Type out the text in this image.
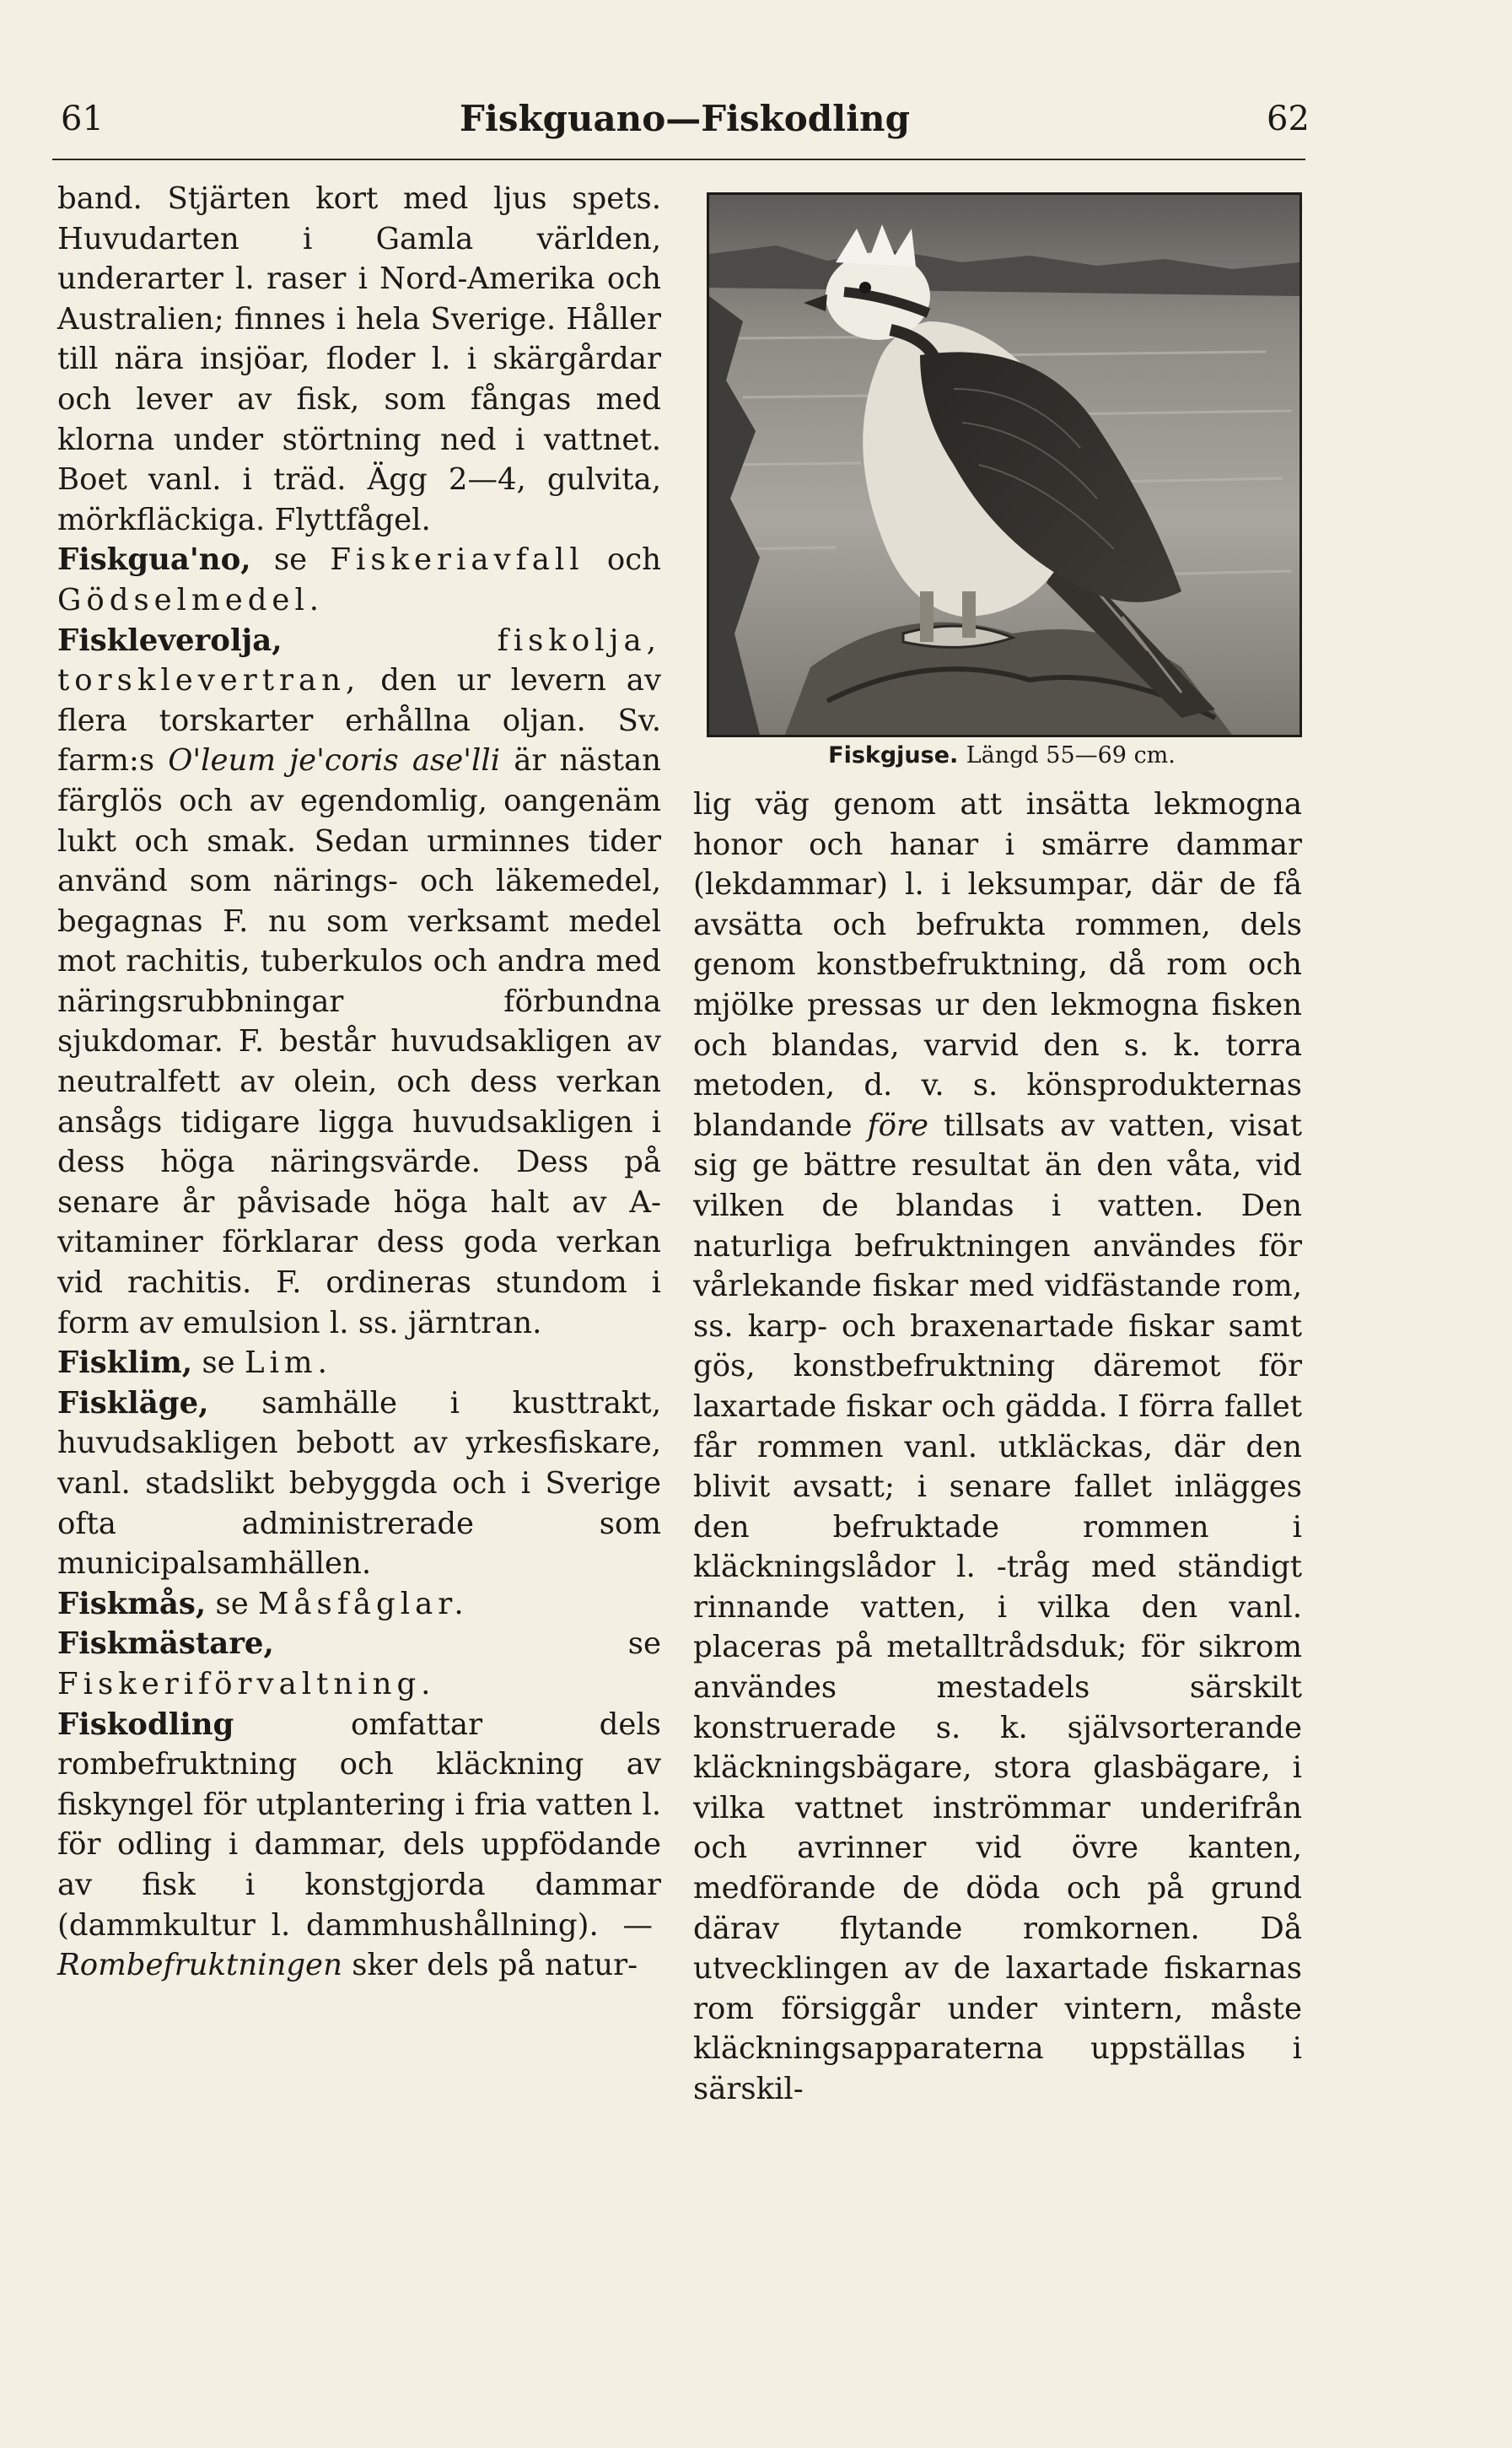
61	Fiskguano—Fiskodling	62

band. Stjärten kort med ljus spets. Huvudarten i Gamla världen, underarter l. raser i Nord-Amerika och Australien; finnes i hela Sverige. Håller till nära insjöar, floder l. i skärgårdar och lever av fisk, som fångas med klorna under störtning ned i vattnet. Boet vanl. i träd. Ägg 2—4, gulvita, mörkfläckiga. Flyttfågel.

Fiskgua'no, se Fiskeriavfall och Gödselmedel.

Fiskleverolja,	fiskolja, torsklevertran, den ur levern av flera torskarter erhållna oljan. Sv. farm:s O'leum je'coris ase'lli är nästan färglös och av egendomlig, oangenäm lukt och smak. Sedan urminnes tider använd som närings- och läkemedel, begagnas F. nu som verksamt medel mot rachitis, tuberkulos och andra med näringsrubbningar förbundna sjukdomar. F. består huvudsakligen av neutralfett av olein, och dess verkan ansågs tidigare ligga huvudsakligen i dess höga näringsvärde. Dess på senare år påvisade höga halt av A-vitaminer förklarar dess goda verkan vid rachitis. F. ordineras stundom i form av emulsion l. ss. järntran.

Fisklim, se Lim.

Fiskläge, samhälle i kusttrakt, huvudsakligen bebott av yrkesfiskare, vanl. stadslikt bebyggda och i Sverige ofta administrerade som municipalsamhällen.

Fiskmås, se Måsfåglar.

Fiskmästare,	se Fiskeriförvaltning.

Fiskodling	omfattar dels rombefruktning och kläckning av fiskyngel för utplantering i fria vatten l. för odling i dammar, dels uppfödande av fisk i konstgjorda dammar (dammkultur l. dammhushållning). — Rombefruktningen sker dels på natur-

Fiskgjuse. Längd 55—69 cm.

lig väg genom att insätta lekmogna honor och hanar i smärre dammar (lekdammar) l. i leksumpar, där de få avsätta och befrukta rommen, dels genom konstbefruktning, då rom och mjölke pressas ur den lekmogna fisken och blandas, varvid den s. k. torra metoden, d. v. s. könsprodukternas blandande före tillsats av vatten, visat sig ge bättre resultat än den våta, vid vilken de blandas i vatten. Den naturliga befruktningen användes för vårlekande fiskar med vidfästande rom, ss. karp- och braxenartade fiskar samt gös, konstbefruktning däremot för laxartade fiskar och gädda. I förra fallet får rommen vanl. utkläckas, där den blivit avsatt; i senare fallet inlägges den befruktade rommen i kläckningslådor l. -tråg med ständigt rinnande vatten, i vilka den vanl. placeras på metalltrådsduk; för sikrom användes mestadels särskilt konstruerade s. k. självsorterande kläckningsbägare, stora glasbägare, i vilka vattnet inströmmar underifrån och avrinner vid övre kanten, medförande de döda och på grund därav flytande romkornen. Då utvecklingen av de laxartade fiskarnas rom försiggår under vintern, måste kläckningsapparaterna uppställas i särskil-
